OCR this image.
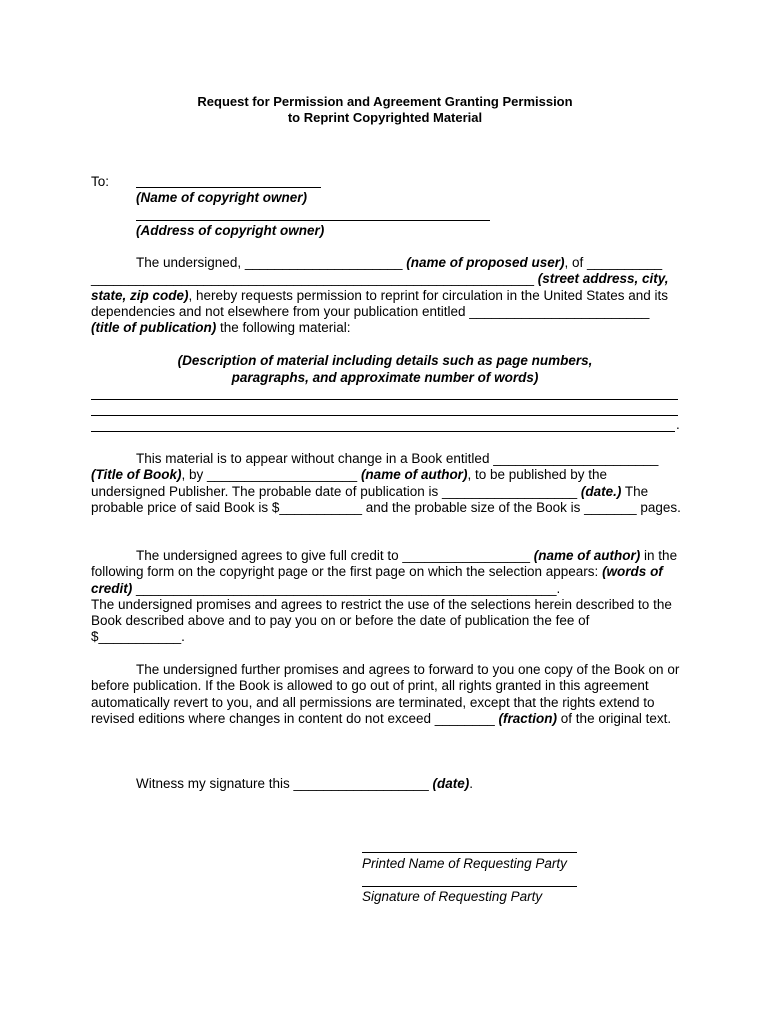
Request for Permission and Agreement Granting Permission
to Reprint Copyrighted Material
To:
(Name of copyright owner)
(Address of copyright owner)

The undersigned, _____________________ (name of proposed user), of __________ ___________________________________________________________ (street address, city, state, zip code), hereby requests permission to reprint for circulation in the United States and its dependencies and not elsewhere from your publication entitled ________________________ (title of publication) the following material:

(Description of material including details such as page numbers,
paragraphs, and approximate number of words)
.

This material is to appear without change in a Book entitled ______________________ (Title of Book), by ____________________ (name of author), to be published by the undersigned Publisher. The probable date of publication is __________________ (date.) The probable price of said Book is $___________ and the probable size of the Book is _______ pages.

The undersigned agrees to give full credit to _________________ (name of author) in the following form on the copyright page or the first page on which the selection appears: (words of credit) ________________________________________________________.

The undersigned promises and agrees to restrict the use of the selections herein described to the Book described above and to pay you on or before the date of publication the fee of $___________.

The undersigned further promises and agrees to forward to you one copy of the Book on or before publication. If the Book is allowed to go out of print, all rights granted in this agreement automatically revert to you, and all permissions are terminated, except that the rights extend to revised editions where changes in content do not exceed ________ (fraction) of the original text.

Witness my signature this __________________ (date).
Printed Name of Requesting Party
Signature of Requesting Party
